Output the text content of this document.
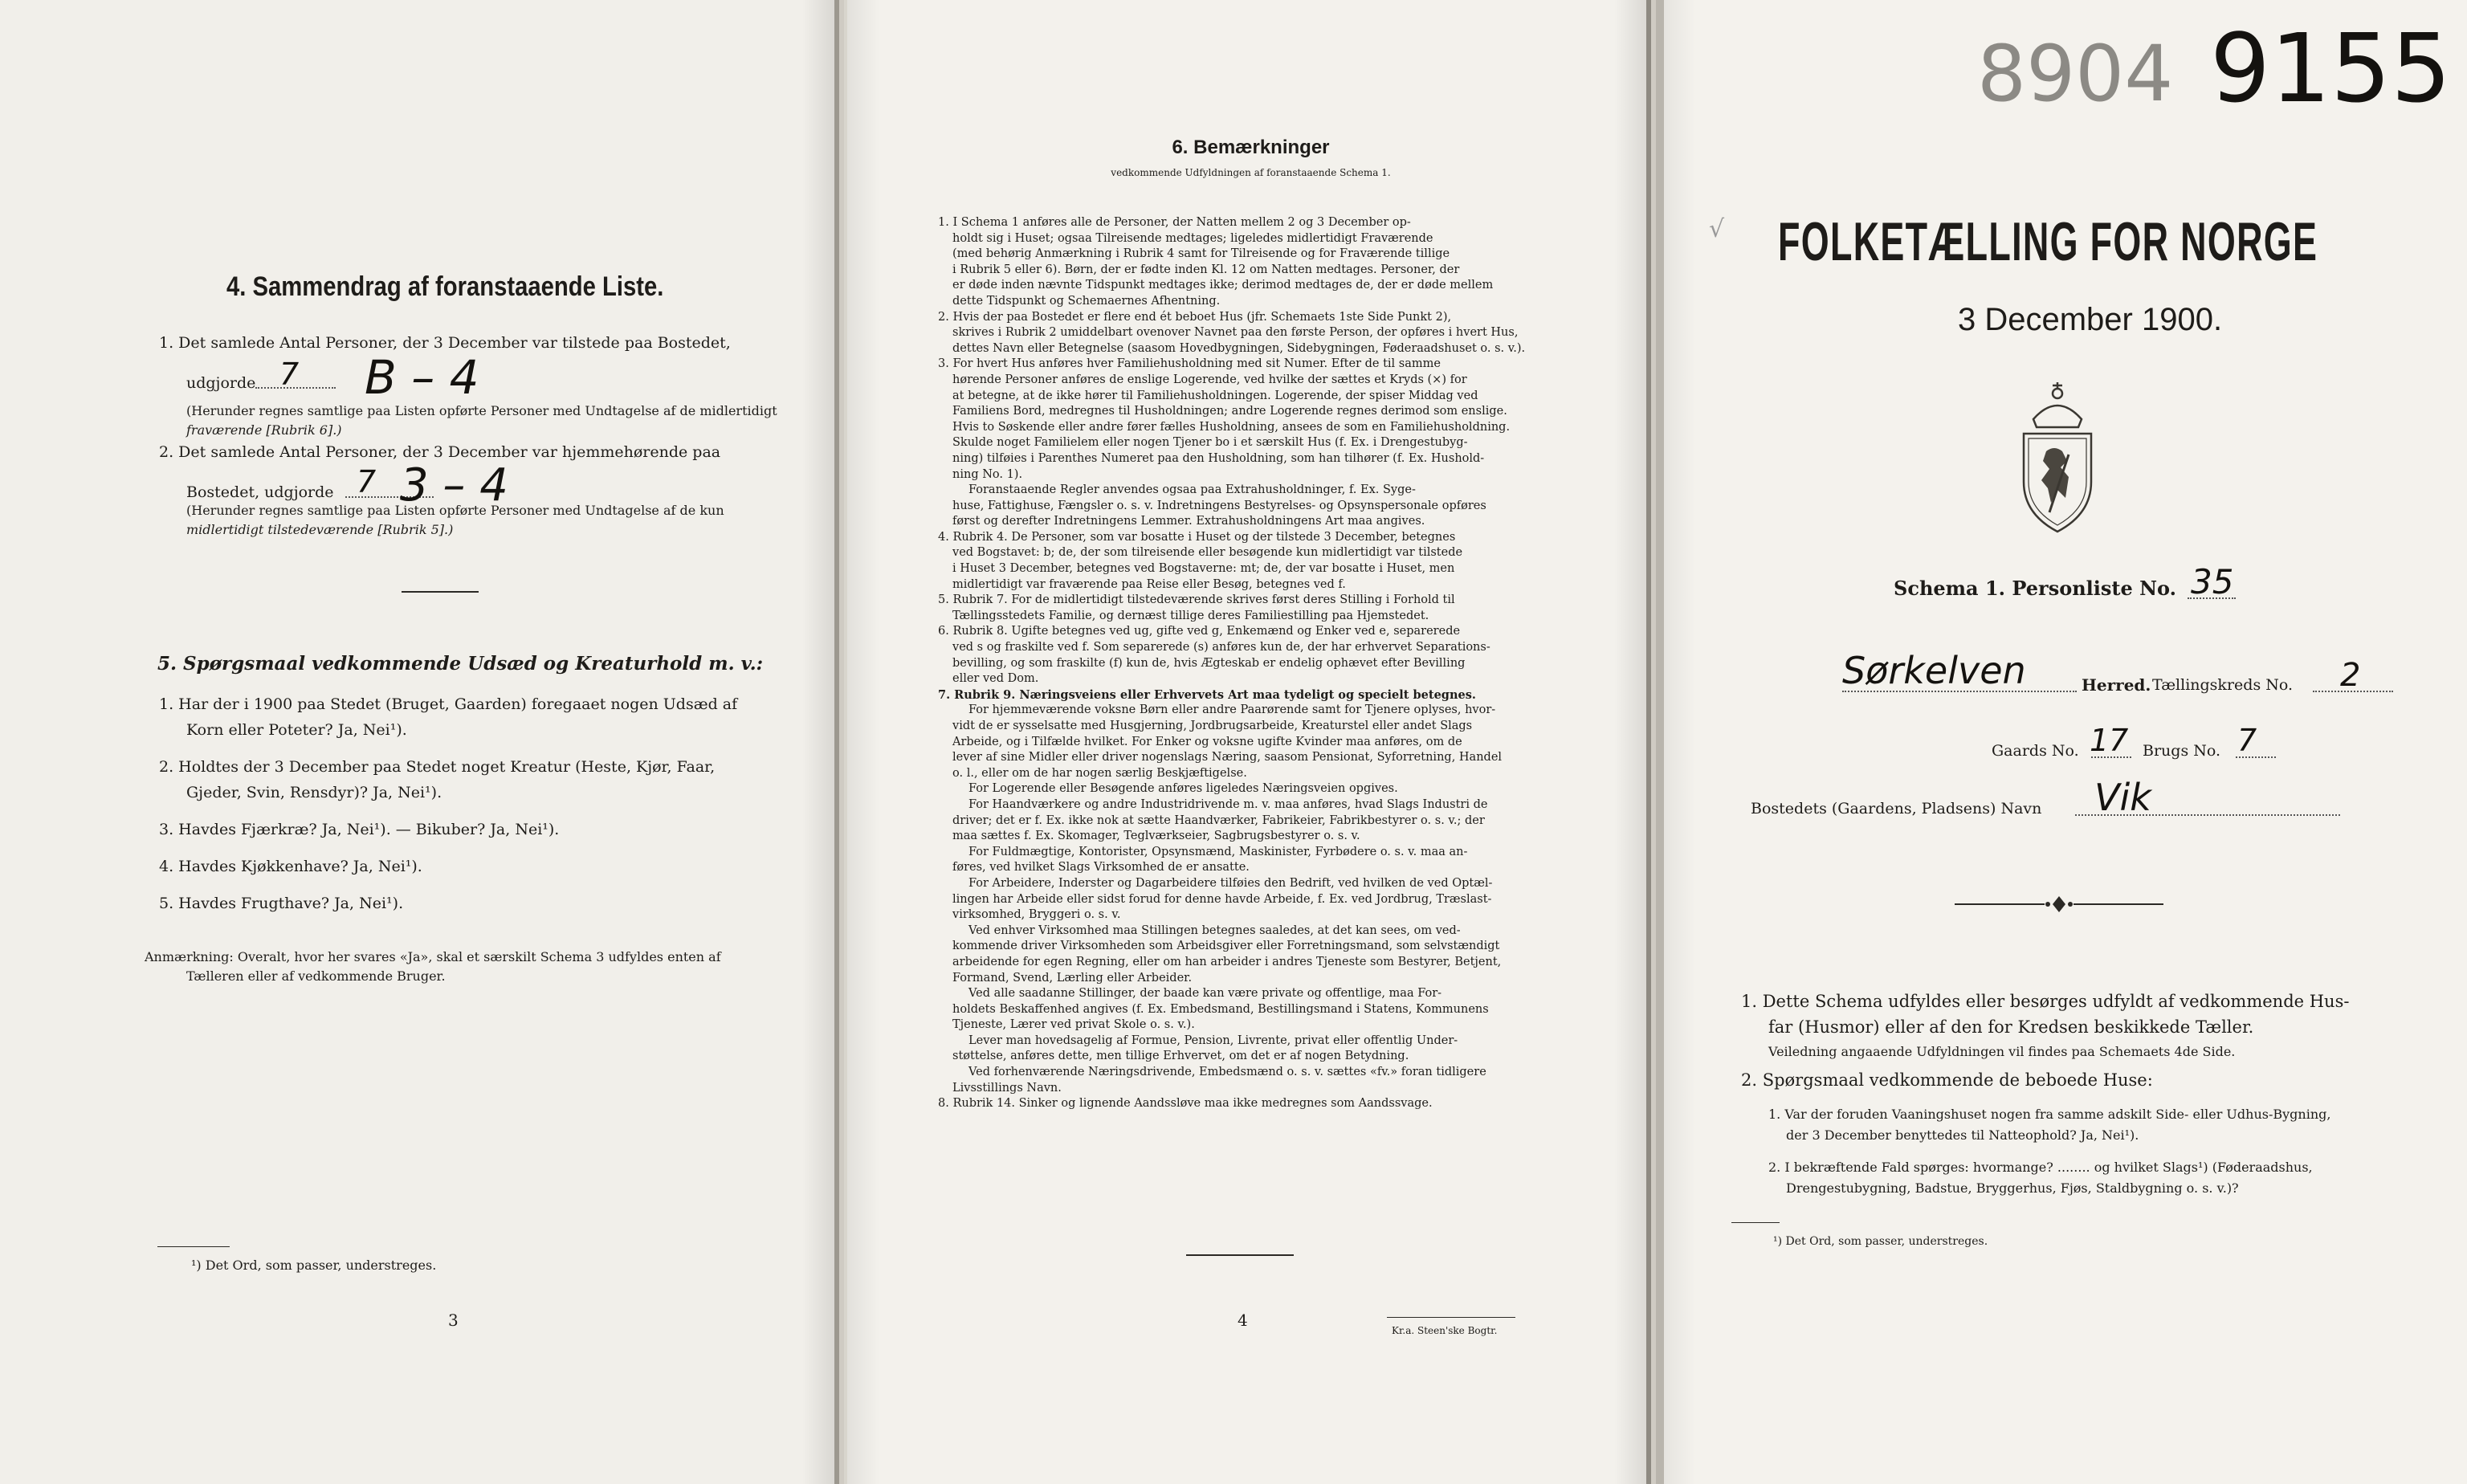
4. Sammendrag af foranstaaende Liste.
1. Det samlede Antal Personer, der 3 December var tilstede paa Bostedet,
udgjorde 7 B – 4
(Herunder regnes samtlige paa Listen opførte Personer med Undtagelse af de midlertidigt
fraværende [Rubrik 6].)
2. Det samlede Antal Personer, der 3 December var hjemmehørende paa
Bostedet, udgjorde 7 3 – 4
(Herunder regnes samtlige paa Listen opførte Personer med Undtagelse af de kun
midlertidigt tilstedeværende [Rubrik 5].)
5. Spørgsmaal vedkommende Udsæd og Kreaturhold m. v.:
1. Har der i 1900 paa Stedet (Bruget, Gaarden) foregaaet nogen Udsæd af
Korn eller Poteter? Ja, Nei¹).
2. Holdtes der 3 December paa Stedet noget Kreatur (Heste, Kjør, Faar,
Gjeder, Svin, Rensdyr)? Ja, Nei¹).
3. Havdes Fjærkræ? Ja, Nei¹). — Bikuber? Ja, Nei¹).
4. Havdes Kjøkkenhave? Ja, Nei¹).
5. Havdes Frugthave? Ja, Nei¹).
Anmærkning: Overalt, hvor her svares «Ja», skal et særskilt Schema 3 udfyldes enten af
Tælleren eller af vedkommende Bruger.
¹) Det Ord, som passer, understreges.
3
6. Bemærkninger
vedkommende Udfyldningen af foranstaaende Schema 1.
1. I Schema 1 anføres alle de Personer, der Natten mellem 2 og 3 December op-
holdt sig i Huset; ogsaa Tilreisende medtages; ligeledes midlertidigt Fraværende
(med behørig Anmærkning i Rubrik 4 samt for Tilreisende og for Fraværende tillige
i Rubrik 5 eller 6). Børn, der er fødte inden Kl. 12 om Natten medtages. Personer, der
er døde inden nævnte Tidspunkt medtages ikke; derimod medtages de, der er døde mellem
dette Tidspunkt og Schemaernes Afhentning.
2. Hvis der paa Bostedet er flere end ét beboet Hus (jfr. Schemaets 1ste Side Punkt 2),
skrives i Rubrik 2 umiddelbart ovenover Navnet paa den første Person, der opføres i hvert Hus,
dettes Navn eller Betegnelse (saasom Hovedbygningen, Sidebygningen, Føderaadshuset o. s. v.).
3. For hvert Hus anføres hver Familiehusholdning med sit Numer. Efter de til samme
hørende Personer anføres de enslige Logerende, ved hvilke der sættes et Kryds (×) for
at betegne, at de ikke hører til Familiehusholdningen. Logerende, der spiser Middag ved
Familiens Bord, medregnes til Husholdningen; andre Logerende regnes derimod som enslige.
Hvis to Søskende eller andre fører fælles Husholdning, ansees de som en Familiehusholdning.
Skulde noget Familielem eller nogen Tjener bo i et særskilt Hus (f. Ex. i Drengestubyg-
ning) tilføies i Parenthes Numeret paa den Husholdning, som han tilhører (f. Ex. Hushold-
ning No. 1).
Foranstaaende Regler anvendes ogsaa paa Extrahusholdninger, f. Ex. Syge-
huse, Fattighuse, Fængsler o. s. v. Indretningens Bestyrelses- og Opsynspersonale opføres
først og derefter Indretningens Lemmer. Extrahusholdningens Art maa angives.
4. Rubrik 4. De Personer, som var bosatte i Huset og der tilstede 3 December, betegnes
ved Bogstavet: b; de, der som tilreisende eller besøgende kun midlertidigt var tilstede
i Huset 3 December, betegnes ved Bogstaverne: mt; de, der var bosatte i Huset, men
midlertidigt var fraværende paa Reise eller Besøg, betegnes ved f.
5. Rubrik 7. For de midlertidigt tilstedeværende skrives først deres Stilling i Forhold til
Tællingsstedets Familie, og dernæst tillige deres Familiestilling paa Hjemstedet.
6. Rubrik 8. Ugifte betegnes ved ug, gifte ved g, Enkemænd og Enker ved e, separerede
ved s og fraskilte ved f. Som separerede (s) anføres kun de, der har erhvervet Separations-
bevilling, og som fraskilte (f) kun de, hvis Ægteskab er endelig ophævet efter Bevilling
eller ved Dom.
7. Rubrik 9. Næringsveiens eller Erhvervets Art maa tydeligt og specielt betegnes.
For hjemmeværende voksne Børn eller andre Paarørende samt for Tjenere oplyses, hvor-
vidt de er sysselsatte med Husgjerning, Jordbrugsarbeide, Kreaturstel eller andet Slags
Arbeide, og i Tilfælde hvilket. For Enker og voksne ugifte Kvinder maa anføres, om de
lever af sine Midler eller driver nogenslags Næring, saasom Pensionat, Syforretning, Handel
o. l., eller om de har nogen særlig Beskjæftigelse.
For Logerende eller Besøgende anføres ligeledes Næringsveien opgives.
For Haandværkere og andre Industridrivende m. v. maa anføres, hvad Slags Industri de
driver; det er f. Ex. ikke nok at sætte Haandværker, Fabrikeier, Fabrikbestyrer o. s. v.; der
maa sættes f. Ex. Skomager, Teglværkseier, Sagbrugsbestyrer o. s. v.
For Fuldmægtige, Kontorister, Opsynsmænd, Maskinister, Fyrbødere o. s. v. maa an-
føres, ved hvilket Slags Virksomhed de er ansatte.
For Arbeidere, Inderster og Dagarbeidere tilføies den Bedrift, ved hvilken de ved Optæl-
lingen har Arbeide eller sidst forud for denne havde Arbeide, f. Ex. ved Jordbrug, Træslast-
virksomhed, Bryggeri o. s. v.
Ved enhver Virksomhed maa Stillingen betegnes saaledes, at det kan sees, om ved-
kommende driver Virksomheden som Arbeidsgiver eller Forretningsmand, som selvstændigt
arbeidende for egen Regning, eller om han arbeider i andres Tjeneste som Bestyrer, Betjent,
Formand, Svend, Lærling eller Arbeider.
Ved alle saadanne Stillinger, der baade kan være private og offentlige, maa For-
holdets Beskaffenhed angives (f. Ex. Embedsmand, Bestillingsmand i Statens, Kommunens
Tjeneste, Lærer ved privat Skole o. s. v.).
Lever man hovedsagelig af Formue, Pension, Livrente, privat eller offentlig Under-
støttelse, anføres dette, men tillige Erhvervet, om det er af nogen Betydning.
Ved forhenværende Næringsdrivende, Embedsmænd o. s. v. sættes «fv.» foran tidligere
Livsstillings Navn.
8. Rubrik 14. Sinker og lignende Aandssløve maa ikke medregnes som Aandssvage.
4
Kr.a. Steen'ske Bogtr.
8904 9155
√ FOLKETÆLLING FOR NORGE
3 December 1900.
Schema 1. Personliste No. 35
Sørkelven	Herred. Tællingskreds No. 2
Gaards No. 17 Brugs No. 7
Bostedets (Gaardens, Pladsens) Navn Vik
1. Dette Schema udfyldes eller besørges udfyldt af vedkommende Hus-
far (Husmor) eller af den for Kredsen beskikkede Tæller.
Veiledning angaaende Udfyldningen vil findes paa Schemaets 4de Side.
2. Spørgsmaal vedkommende de beboede Huse:
1. Var der foruden Vaaningshuset nogen fra samme adskilt Side- eller Udhus-Bygning,
der 3 December benyttedes til Natteophold? Ja, Nei¹).
2. I bekræftende Fald spørges: hvormange? ........ og hvilket Slags¹) (Føderaadshus,
Drengestubygning, Badstue, Bryggerhus, Fjøs, Staldbygning o. s. v.)?
¹) Det Ord, som passer, understreges.
